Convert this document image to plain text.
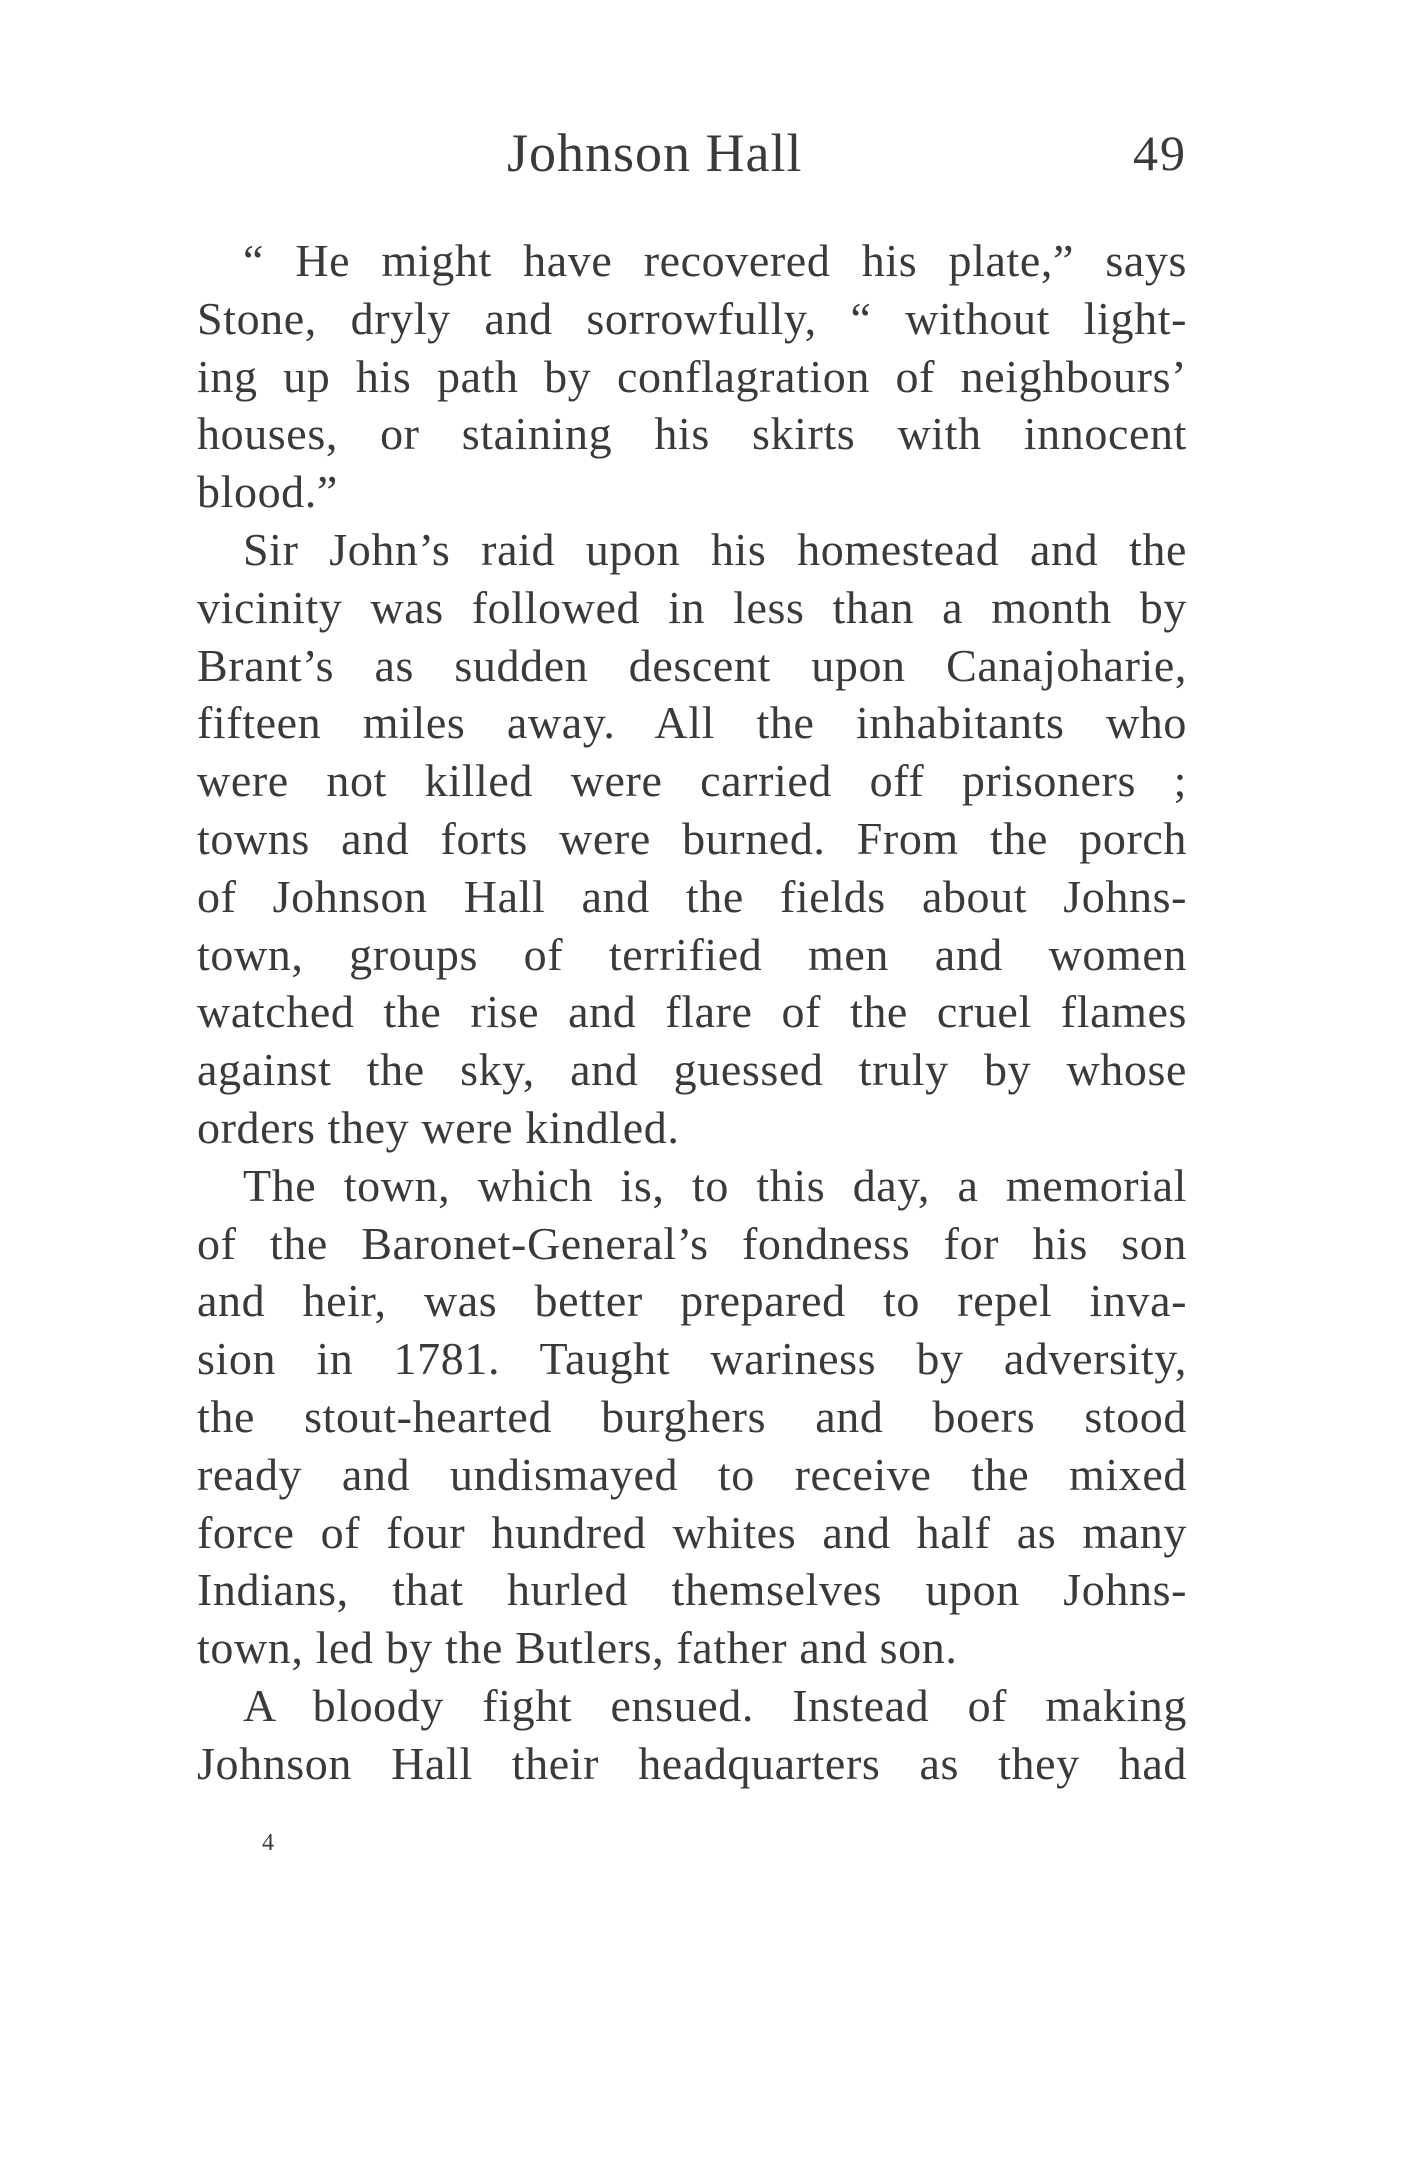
Johnson Hall	49
“ He might have recovered his plate,” says
Stone, dryly and sorrowfully, “ without light-
ing up his path by conflagration of neighbours’
houses, or staining his skirts with innocent
blood.”
Sir John’s raid upon his homestead and the
vicinity was followed in less than a month by
Brant’s as sudden descent upon Canajoharie,
fifteen miles away. All the inhabitants who
were not killed were carried off prisoners ;
towns and forts were burned. From the porch
of Johnson Hall and the fields about Johns-
town, groups of terrified men and women
watched the rise and flare of the cruel flames
against the sky, and guessed truly by whose
orders they were kindled.
The town, which is, to this day, a memorial
of the Baronet-General’s fondness for his son
and heir, was better prepared to repel inva-
sion in 1781. Taught wariness by adversity,
the stout-hearted burghers and boers stood
ready and undismayed to receive the mixed
force of four hundred whites and half as many
Indians, that hurled themselves upon Johns-
town, led by the Butlers, father and son.
A bloody fight ensued. Instead of making
Johnson Hall their headquarters as they had
4
